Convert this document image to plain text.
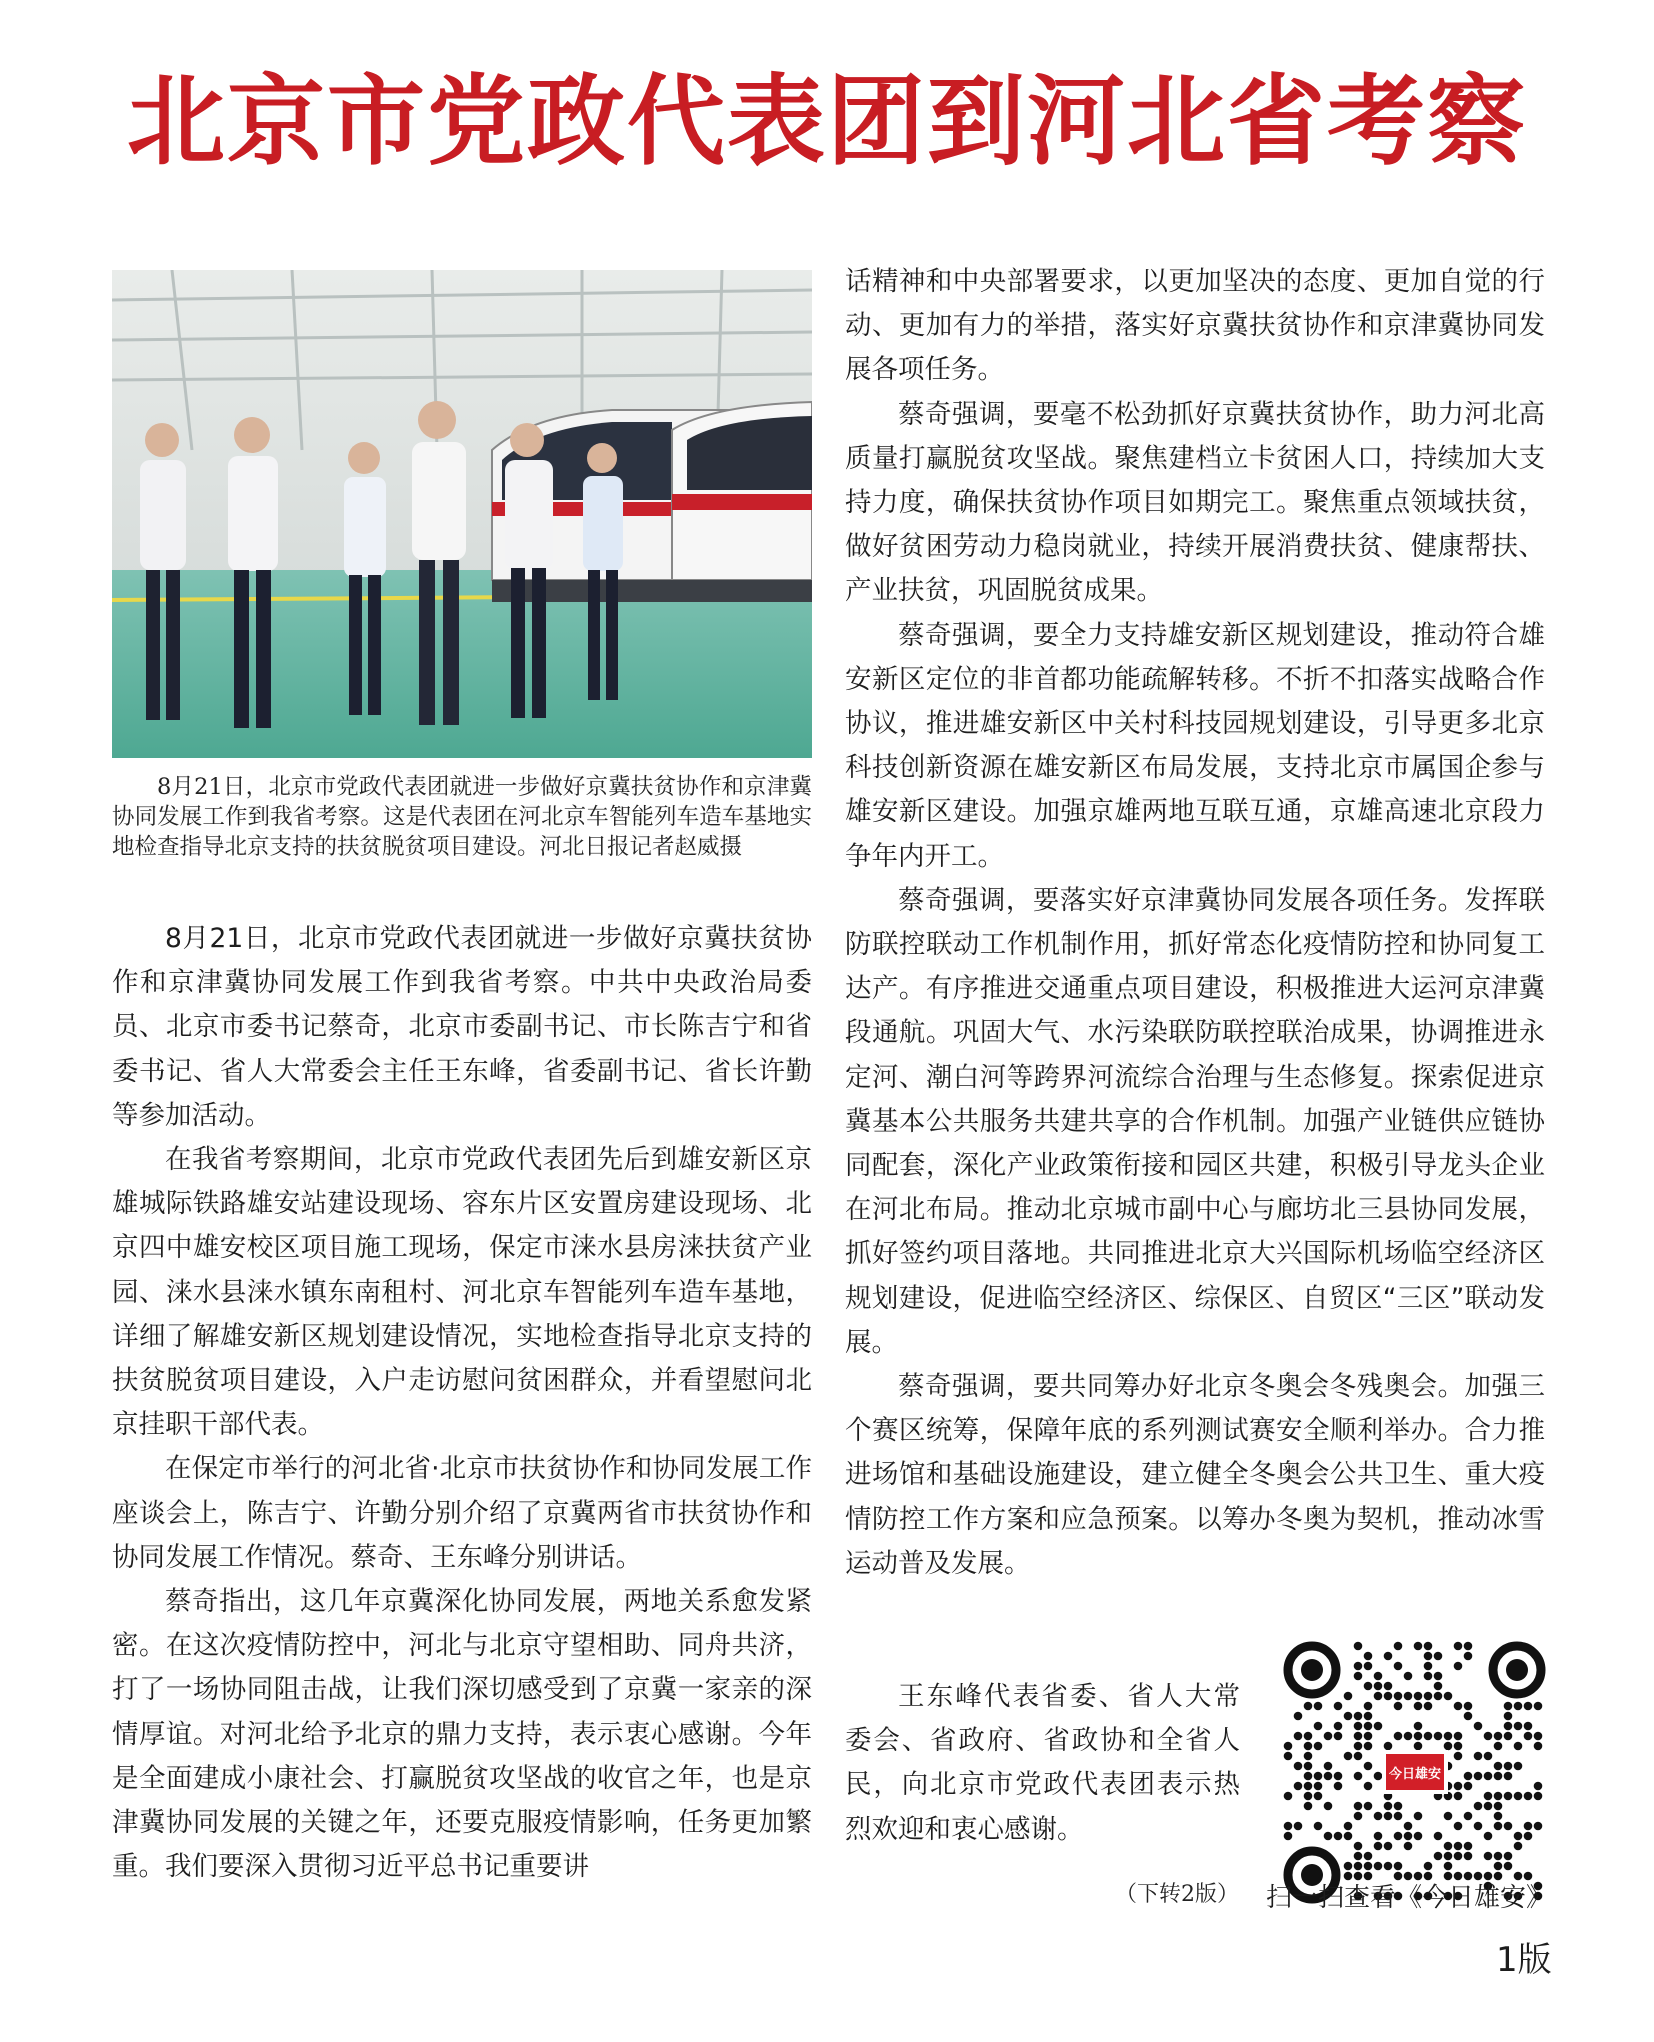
北京市党政代表团到河北省考察
8月21日，北京市党政代表团就进一步做好京冀扶贫协作和京津冀协同发展工作到我省考察。这是代表团在河北京车智能列车造车基地实地检查指导北京支持的扶贫脱贫项目建设。河北日报记者赵威摄

8月21日，北京市党政代表团就进一步做好京冀扶贫协作和京津冀协同发展工作到我省考察。中共中央政治局委员、北京市委书记蔡奇，北京市委副书记、市长陈吉宁和省委书记、省人大常委会主任王东峰，省委副书记、省长许勤等参加活动。

在我省考察期间，北京市党政代表团先后到雄安新区京雄城际铁路雄安站建设现场、容东片区安置房建设现场、北京四中雄安校区项目施工现场，保定市涞水县房涞扶贫产业园、涞水县涞水镇东南租村、河北京车智能列车造车基地，详细了解雄安新区规划建设情况，实地检查指导北京支持的扶贫脱贫项目建设，入户走访慰问贫困群众，并看望慰问北京挂职干部代表。

在保定市举行的河北省·北京市扶贫协作和协同发展工作座谈会上，陈吉宁、许勤分别介绍了京冀两省市扶贫协作和协同发展工作情况。蔡奇、王东峰分别讲话。

蔡奇指出，这几年京冀深化协同发展，两地关系愈发紧密。在这次疫情防控中，河北与北京守望相助、同舟共济，打了一场协同阻击战，让我们深切感受到了京冀一家亲的深情厚谊。对河北给予北京的鼎力支持，表示衷心感谢。今年是全面建成小康社会、打赢脱贫攻坚战的收官之年，也是京津冀协同发展的关键之年，还要克服疫情影响，任务更加繁重。我们要深入贯彻习近平总书记重要讲

话精神和中央部署要求，以更加坚决的态度、更加自觉的行动、更加有力的举措，落实好京冀扶贫协作和京津冀协同发展各项任务。

蔡奇强调，要毫不松劲抓好京冀扶贫协作，助力河北高质量打赢脱贫攻坚战。聚焦建档立卡贫困人口，持续加大支持力度，确保扶贫协作项目如期完工。聚焦重点领域扶贫，做好贫困劳动力稳岗就业，持续开展消费扶贫、健康帮扶、产业扶贫，巩固脱贫成果。

蔡奇强调，要全力支持雄安新区规划建设，推动符合雄安新区定位的非首都功能疏解转移。不折不扣落实战略合作协议，推进雄安新区中关村科技园规划建设，引导更多北京科技创新资源在雄安新区布局发展，支持北京市属国企参与雄安新区建设。加强京雄两地互联互通，京雄高速北京段力争年内开工。

蔡奇强调，要落实好京津冀协同发展各项任务。发挥联防联控联动工作机制作用，抓好常态化疫情防控和协同复工达产。有序推进交通重点项目建设，积极推进大运河京津冀段通航。巩固大气、水污染联防联控联治成果，协调推进永定河、潮白河等跨界河流综合治理与生态修复。探索促进京冀基本公共服务共建共享的合作机制。加强产业链供应链协同配套，深化产业政策衔接和园区共建，积极引导龙头企业在河北布局。推动北京城市副中心与廊坊北三县协同发展，抓好签约项目落地。共同推进北京大兴国际机场临空经济区规划建设，促进临空经济区、综保区、自贸区“三区”联动发展。

蔡奇强调，要共同筹办好北京冬奥会冬残奥会。加强三个赛区统筹，保障年底的系列测试赛安全顺利举办。合力推进场馆和基础设施建设，建立健全冬奥会公共卫生、重大疫情防控工作方案和应急预案。以筹办冬奥为契机，推动冰雪运动普及发展。

王东峰代表省委、省人大常委会、省政府、省政协和全省人民，向北京市党政代表团表示热烈欢迎和衷心感谢。

（下转2版）
今日雄安
扫一扫查看《今日雄安》
1版
